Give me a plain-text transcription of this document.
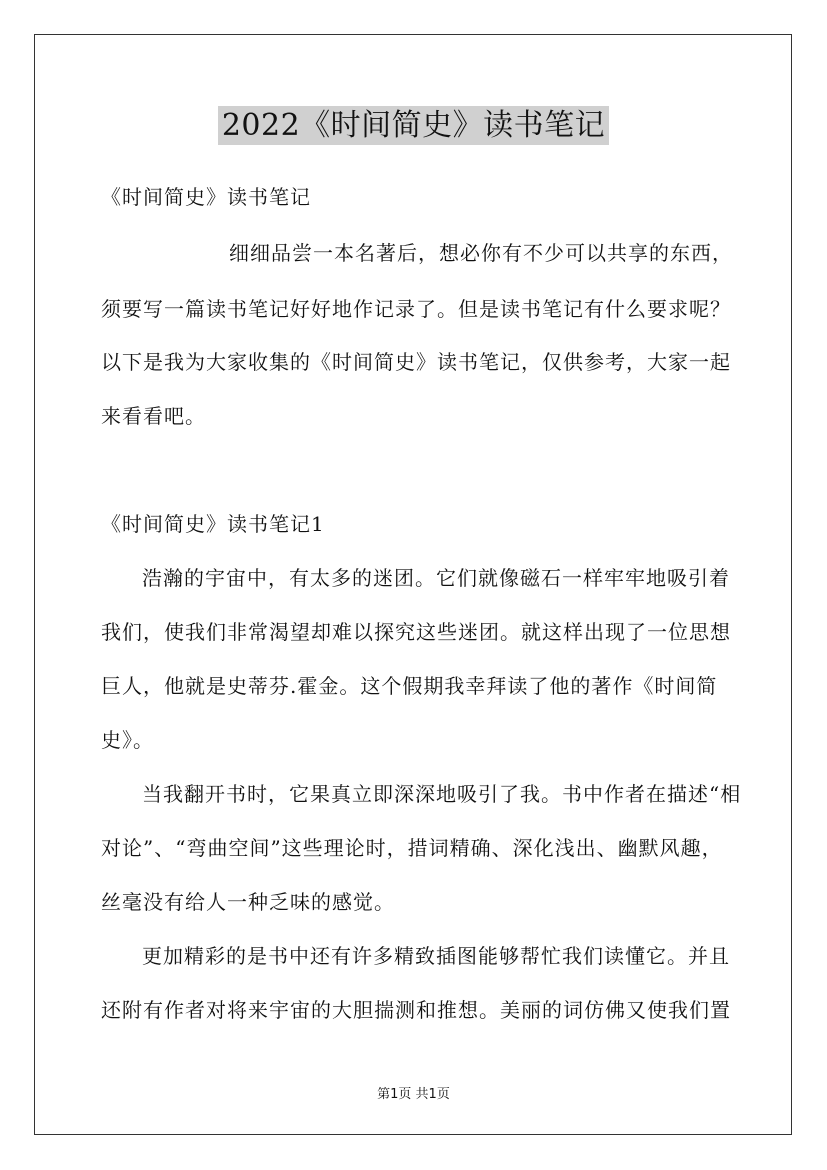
2022《时间简史》读书笔记
《时间简史》读书笔记
细细品尝一本名著后，想必你有不少可以共享的东西，
须要写一篇读书笔记好好地作记录了。但是读书笔记有什么要求呢？
以下是我为大家收集的《时间简史》读书笔记，仅供参考，大家一起
来看看吧。
《时间简史》读书笔记1
浩瀚的宇宙中，有太多的迷团。它们就像磁石一样牢牢地吸引着
我们，使我们非常渴望却难以探究这些迷团。就这样出现了一位思想
巨人，他就是史蒂芬.霍金。这个假期我幸拜读了他的著作《时间简
史》。
当我翻开书时，它果真立即深深地吸引了我。书中作者在描述“相
对论”、“弯曲空间”这些理论时，措词精确、深化浅出、幽默风趣，
丝毫没有给人一种乏味的感觉。
更加精彩的是书中还有许多精致插图能够帮忙我们读懂它。并且
还附有作者对将来宇宙的大胆揣测和推想。美丽的词仿佛又使我们置
第1页 共1页
